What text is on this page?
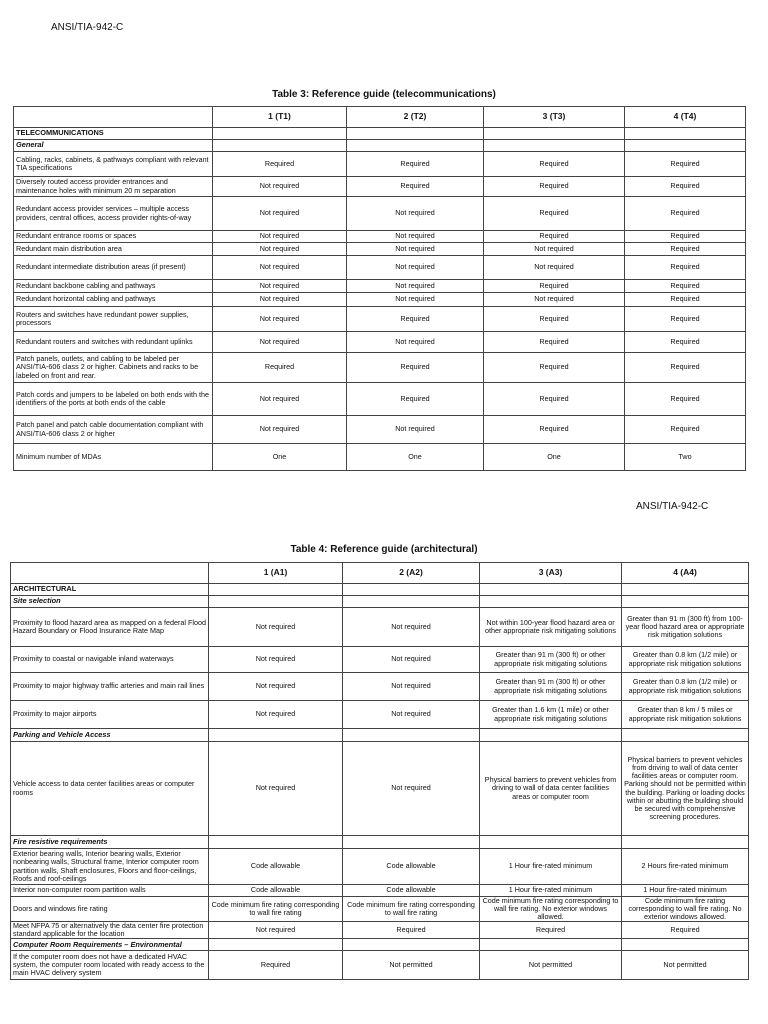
ANSI/TIA-942-C
Table 3: Reference guide (telecommunications)
	1 (T1)	2 (T2)	3 (T3)	4 (T4)
TELECOMMUNICATIONS				
General				
Cabling, racks, cabinets, & pathways compliant with relevant TIA specifications	Required	Required	Required	Required
Diversely routed access provider entrances and maintenance holes with minimum 20 m separation	Not required	Required	Required	Required
Redundant access provider services – multiple access providers, central offices, access provider rights-of-way	Not required	Not required	Required	Required
Redundant entrance rooms or spaces	Not required	Not required	Required	Required
Redundant main distribution area	Not required	Not required	Not required	Required
Redundant intermediate distribution areas (if present)	Not required	Not required	Not required	Required
Redundant backbone cabling and pathways	Not required	Not required	Required	Required
Redundant horizontal cabling and pathways	Not required	Not required	Not required	Required
Routers and switches have redundant power supplies, processors	Not required	Required	Required	Required
Redundant routers and switches with redundant uplinks	Not required	Not required	Required	Required
Patch panels, outlets, and cabling to be labeled per ANSI/TIA-606 class 2 or higher. Cabinets and racks to be labeled on front and rear.	Required	Required	Required	Required
Patch cords and jumpers to be labeled on both ends with the identifiers of the ports at both ends of the cable	Not required	Required	Required	Required
Patch panel and patch cable documentation compliant with ANSI/TIA-606 class 2 or higher	Not required	Not required	Required	Required
Minimum number of MDAs	One	One	One	Two
ANSI/TIA-942-C
Table 4: Reference guide (architectural)
	1 (A1)	2 (A2)	3 (A3)	4 (A4)
ARCHITECTURAL				
Site selection				
Proximity to flood hazard area as mapped on a federal Flood Hazard Boundary or Flood Insurance Rate Map	Not required	Not required	Not within 100-year flood hazard area or other appropriate risk mitigating solutions	Greater than 91 m (300 ft) from 100-year flood hazard area or appropriate risk mitigation solutions
Proximity to coastal or navigable inland waterways	Not required	Not required	Greater than 91 m (300 ft) or other appropriate risk mitigating solutions	Greater than 0.8 km (1/2 mile) or appropriate risk mitigation solutions
Proximity to major highway traffic arteries and main rail lines	Not required	Not required	Greater than 91 m (300 ft) or other appropriate risk mitigating solutions	Greater than 0.8 km (1/2 mile) or appropriate risk mitigation solutions
Proximity to major airports	Not required	Not required	Greater than 1.6 km (1 mile) or other appropriate risk mitigating solutions	Greater than 8 km / 5 miles or appropriate risk mitigation solutions
Parking and Vehicle Access				
Vehicle access to data center facilities areas or computer rooms	Not required	Not required	Physical barriers to prevent vehicles from driving to wall of data center facilities areas or computer room	Physical barriers to prevent vehicles from driving to wall of data center facilities areas or computer room. Parking should not be permitted within the building. Parking or loading docks within or abutting the building should be secured with comprehensive screening procedures.
Fire resistive requirements				
Exterior bearing walls, Interior bearing walls, Exterior nonbearing walls, Structural frame, Interior computer room partition walls, Shaft enclosures, Floors and floor-ceilings, Roofs and roof-ceilings	Code allowable	Code allowable	1 Hour fire-rated minimum	2 Hours fire-rated minimum
Interior non-computer room partition walls	Code allowable	Code allowable	1 Hour fire-rated minimum	1 Hour fire-rated minimum
Doors and windows fire rating	Code minimum fire rating corresponding to wall fire rating	Code minimum fire rating corresponding to wall fire rating	Code minimum fire rating corresponding to wall fire rating. No exterior windows allowed.	Code minimum fire rating corresponding to wall fire rating. No exterior windows allowed.
Meet NFPA 75 or alternatively the data center fire protection standard applicable for the location	Not required	Required	Required	Required
Computer Room Requirements – Environmental				
If the computer room does not have a dedicated HVAC system, the computer room located with ready access to the main HVAC delivery system	Required	Not permitted	Not permitted	Not permitted
